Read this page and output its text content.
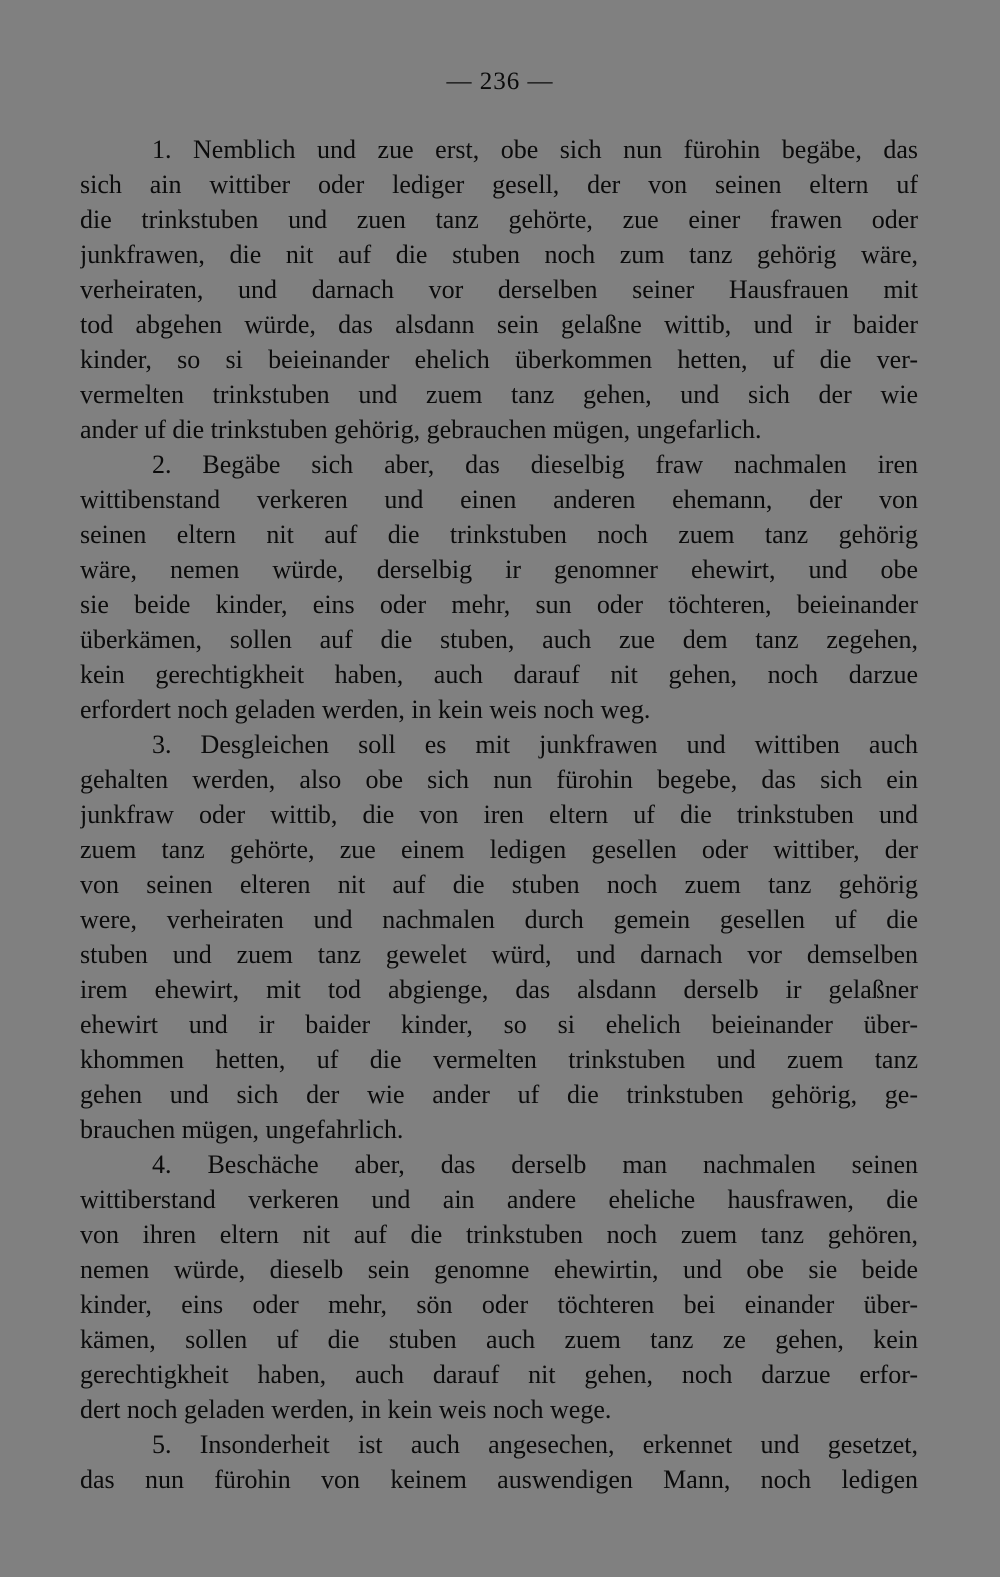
— 236 —
1. Nemblich und zue erst, obe sich nun fürohin begäbe, das
sich ain wittiber oder lediger gesell, der von seinen eltern uf
die trinkstuben und zuen tanz gehörte, zue einer frawen oder
junkfrawen, die nit auf die stuben noch zum tanz gehörig wäre,
verheiraten, und darnach vor derselben seiner Hausfrauen mit
tod abgehen würde, das alsdann sein gelaßne wittib, und ir baider
kinder, so si beieinander ehelich überkommen hetten, uf die ver-
vermelten trinkstuben und zuem tanz gehen, und sich der wie
ander uf die trinkstuben gehörig, gebrauchen mügen, ungefarlich.
2. Begäbe sich aber, das dieselbig fraw nachmalen iren
wittibenstand verkeren und einen anderen ehemann, der von
seinen eltern nit auf die trinkstuben noch zuem tanz gehörig
wäre, nemen würde, derselbig ir genomner ehewirt, und obe
sie beide kinder, eins oder mehr, sun oder töchteren, beieinander
überkämen, sollen auf die stuben, auch zue dem tanz zegehen,
kein gerechtigkheit haben, auch darauf nit gehen, noch darzue
erfordert noch geladen werden, in kein weis noch weg.
3. Desgleichen soll es mit junkfrawen und wittiben auch
gehalten werden, also obe sich nun fürohin begebe, das sich ein
junkfraw oder wittib, die von iren eltern uf die trinkstuben und
zuem tanz gehörte, zue einem ledigen gesellen oder wittiber, der
von seinen elteren nit auf die stuben noch zuem tanz gehörig
were, verheiraten und nachmalen durch gemein gesellen uf die
stuben und zuem tanz gewelet würd, und darnach vor demselben
irem ehewirt, mit tod abgienge, das alsdann derselb ir gelaßner
ehewirt und ir baider kinder, so si ehelich beieinander über-
khommen hetten, uf die vermelten trinkstuben und zuem tanz
gehen und sich der wie ander uf die trinkstuben gehörig, ge-
brauchen mügen, ungefahrlich.
4. Beschäche aber, das derselb man nachmalen seinen
wittiberstand verkeren und ain andere eheliche hausfrawen, die
von ihren eltern nit auf die trinkstuben noch zuem tanz gehören,
nemen würde, dieselb sein genomne ehewirtin, und obe sie beide
kinder, eins oder mehr, sön oder töchteren bei einander über-
kämen, sollen uf die stuben auch zuem tanz ze gehen, kein
gerechtigkheit haben, auch darauf nit gehen, noch darzue erfor-
dert noch geladen werden, in kein weis noch wege.
5. Insonderheit ist auch angesechen, erkennet und gesetzet,
das nun fürohin von keinem auswendigen Mann, noch ledigen
